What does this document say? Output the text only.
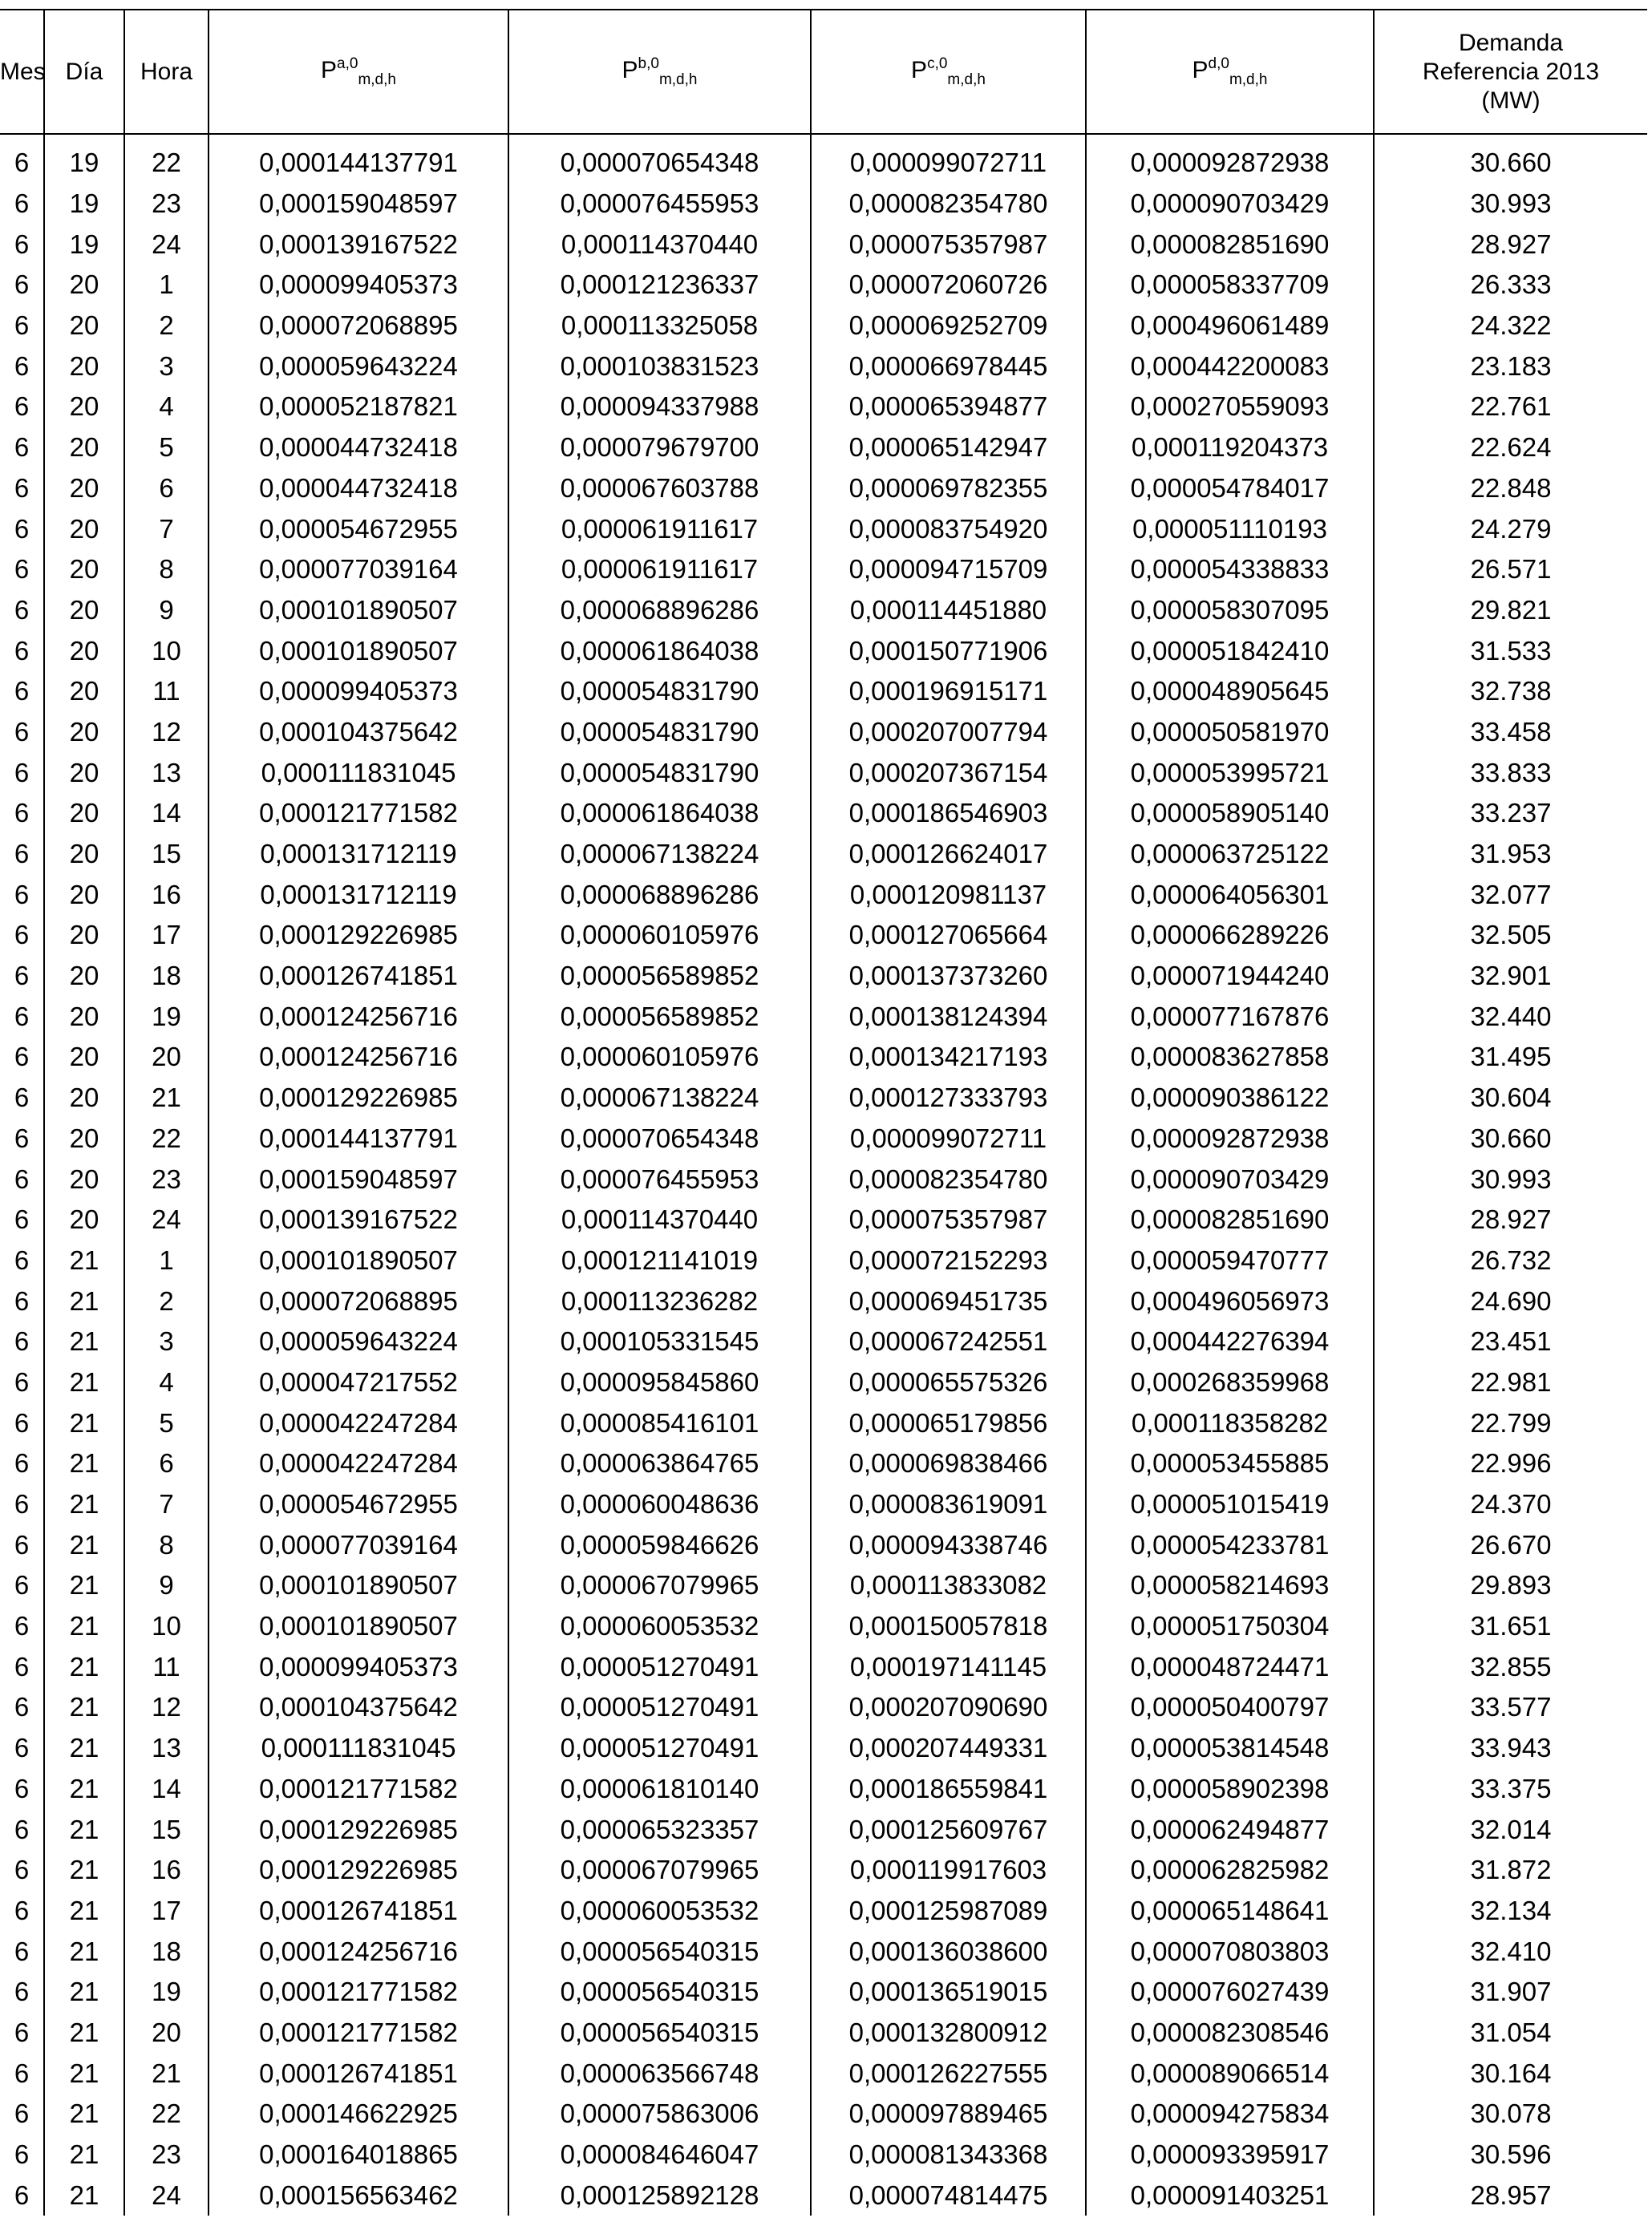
Mes	Día	Hora	P$^{a,0}_{m,d,h}$	P$^{b,0}_{m,d,h}$	P$^{c,0}_{m,d,h}$	P$^{d,0}_{m,d,h}$	Demanda
Referencia 2013
(MW)

6	19	22	0,000144137791	0,000070654348	0,000099072711	0,000092872938	30.660
6	19	23	0,000159048597	0,000076455953	0,000082354780	0,000090703429	30.993
6	19	24	0,000139167522	0,000114370440	0,000075357987	0,000082851690	28.927
6	20	1	0,000099405373	0,000121236337	0,000072060726	0,000058337709	26.333
6	20	2	0,000072068895	0,000113325058	0,000069252709	0,000496061489	24.322
6	20	3	0,000059643224	0,000103831523	0,000066978445	0,000442200083	23.183
6	20	4	0,000052187821	0,000094337988	0,000065394877	0,000270559093	22.761
6	20	5	0,000044732418	0,000079679700	0,000065142947	0,000119204373	22.624
6	20	6	0,000044732418	0,000067603788	0,000069782355	0,000054784017	22.848
6	20	7	0,000054672955	0,000061911617	0,000083754920	0,000051110193	24.279
6	20	8	0,000077039164	0,000061911617	0,000094715709	0,000054338833	26.571
6	20	9	0,000101890507	0,000068896286	0,000114451880	0,000058307095	29.821
6	20	10	0,000101890507	0,000061864038	0,000150771906	0,000051842410	31.533
6	20	11	0,000099405373	0,000054831790	0,000196915171	0,000048905645	32.738
6	20	12	0,000104375642	0,000054831790	0,000207007794	0,000050581970	33.458
6	20	13	0,000111831045	0,000054831790	0,000207367154	0,000053995721	33.833
6	20	14	0,000121771582	0,000061864038	0,000186546903	0,000058905140	33.237
6	20	15	0,000131712119	0,000067138224	0,000126624017	0,000063725122	31.953
6	20	16	0,000131712119	0,000068896286	0,000120981137	0,000064056301	32.077
6	20	17	0,000129226985	0,000060105976	0,000127065664	0,000066289226	32.505
6	20	18	0,000126741851	0,000056589852	0,000137373260	0,000071944240	32.901
6	20	19	0,000124256716	0,000056589852	0,000138124394	0,000077167876	32.440
6	20	20	0,000124256716	0,000060105976	0,000134217193	0,000083627858	31.495
6	20	21	0,000129226985	0,000067138224	0,000127333793	0,000090386122	30.604
6	20	22	0,000144137791	0,000070654348	0,000099072711	0,000092872938	30.660
6	20	23	0,000159048597	0,000076455953	0,000082354780	0,000090703429	30.993
6	20	24	0,000139167522	0,000114370440	0,000075357987	0,000082851690	28.927
6	21	1	0,000101890507	0,000121141019	0,000072152293	0,000059470777	26.732
6	21	2	0,000072068895	0,000113236282	0,000069451735	0,000496056973	24.690
6	21	3	0,000059643224	0,000105331545	0,000067242551	0,000442276394	23.451
6	21	4	0,000047217552	0,000095845860	0,000065575326	0,000268359968	22.981
6	21	5	0,000042247284	0,000085416101	0,000065179856	0,000118358282	22.799
6	21	6	0,000042247284	0,000063864765	0,000069838466	0,000053455885	22.996
6	21	7	0,000054672955	0,000060048636	0,000083619091	0,000051015419	24.370
6	21	8	0,000077039164	0,000059846626	0,000094338746	0,000054233781	26.670
6	21	9	0,000101890507	0,000067079965	0,000113833082	0,000058214693	29.893
6	21	10	0,000101890507	0,000060053532	0,000150057818	0,000051750304	31.651
6	21	11	0,000099405373	0,000051270491	0,000197141145	0,000048724471	32.855
6	21	12	0,000104375642	0,000051270491	0,000207090690	0,000050400797	33.577
6	21	13	0,000111831045	0,000051270491	0,000207449331	0,000053814548	33.943
6	21	14	0,000121771582	0,000061810140	0,000186559841	0,000058902398	33.375
6	21	15	0,000129226985	0,000065323357	0,000125609767	0,000062494877	32.014
6	21	16	0,000129226985	0,000067079965	0,000119917603	0,000062825982	31.872
6	21	17	0,000126741851	0,000060053532	0,000125987089	0,000065148641	32.134
6	21	18	0,000124256716	0,000056540315	0,000136038600	0,000070803803	32.410
6	21	19	0,000121771582	0,000056540315	0,000136519015	0,000076027439	31.907
6	21	20	0,000121771582	0,000056540315	0,000132800912	0,000082308546	31.054
6	21	21	0,000126741851	0,000063566748	0,000126227555	0,000089066514	30.164
6	21	22	0,000146622925	0,000075863006	0,000097889465	0,000094275834	30.078
6	21	23	0,000164018865	0,000084646047	0,000081343368	0,000093395917	30.596
6	21	24	0,000156563462	0,000125892128	0,000074814475	0,000091403251	28.957
